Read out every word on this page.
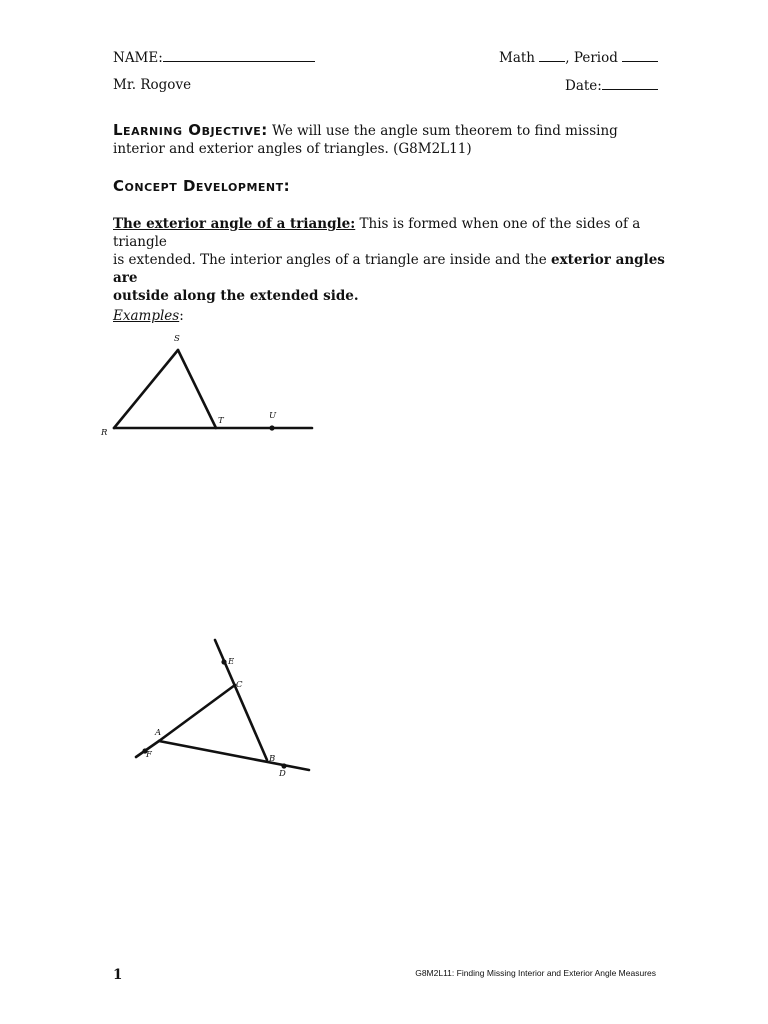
NAME:	Math , Period
Mr. Rogove	Date:
Learning Objective: We will use the angle sum theorem to find missing
interior and exterior angles of triangles. (G8M2L11)
Concept Development:
The exterior angle of a triangle: This is formed when one of the sides of a triangle
is extended. The interior angles of a triangle are inside and the exterior angles are
outside along the extended side.
Examples:
S
R
T	U
E
C
A
F	B
D
1	G8M2L11: Finding Missing Interior and Exterior Angle Measures
